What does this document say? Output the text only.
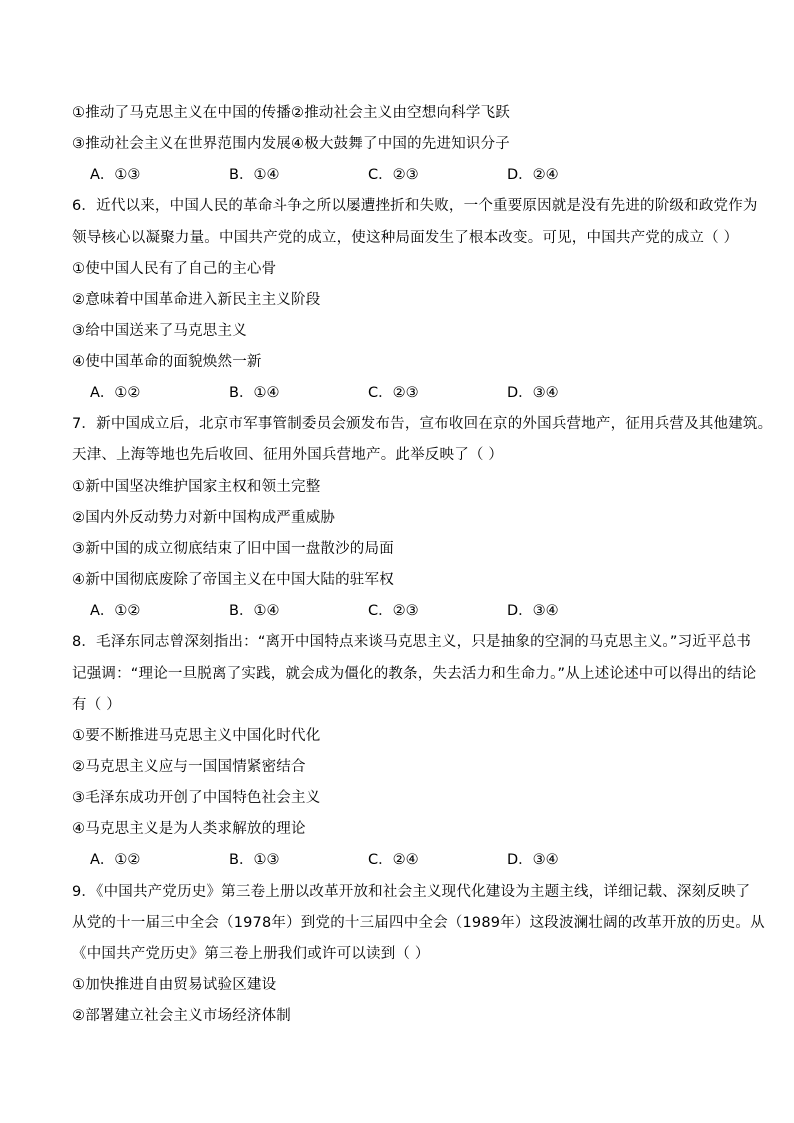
①推动了马克思主义在中国的传播②推动社会主义由空想向科学飞跃
③推动社会主义在世界范围内发展④极大鼓舞了中国的先进知识分子
6．近代以来，中国人民的革命斗争之所以屡遭挫折和失败，一个重要原因就是没有先进的阶级和政党作为
领导核心以凝聚力量。中国共产党的成立，使这种局面发生了根本改变。可见，中国共产党的成立（ ）
①使中国人民有了自己的主心骨
②意味着中国革命进入新民主主义阶段
③给中国送来了马克思主义
④使中国革命的面貌焕然一新
7．新中国成立后，北京市军事管制委员会颁发布告，宣布收回在京的外国兵营地产，征用兵营及其他建筑。
天津、上海等地也先后收回、征用外国兵营地产。此举反映了（ ）
①新中国坚决维护国家主权和领土完整
②国内外反动势力对新中国构成严重威胁
③新中国的成立彻底结束了旧中国一盘散沙的局面
④新中国彻底废除了帝国主义在中国大陆的驻军权
8．毛泽东同志曾深刻指出：“离开中国特点来谈马克思主义，只是抽象的空洞的马克思主义。”习近平总书
记强调：“理论一旦脱离了实践，就会成为僵化的教条，失去活力和生命力。”从上述论述中可以得出的结论
有（ ）
①要不断推进马克思主义中国化时代化
②马克思主义应与一国国情紧密结合
③毛泽东成功开创了中国特色社会主义
④马克思主义是为人类求解放的理论
9．《中国共产党历史》第三卷上册以改革开放和社会主义现代化建设为主题主线，详细记载、深刻反映了
从党的十一届三中全会（1978年）到党的十三届四中全会（1989年）这段波澜壮阔的改革开放的历史。从
《中国共产党历史》第三卷上册我们或许可以读到（ ）
①加快推进自由贸易试验区建设
②部署建立社会主义市场经济体制
A．①③	B．①④	C．②③	D．②④
A．①②	B．①④	C．②③	D．③④
A．①②	B．①④	C．②③	D．③④
A．①②	B．①③	C．②④	D．③④
